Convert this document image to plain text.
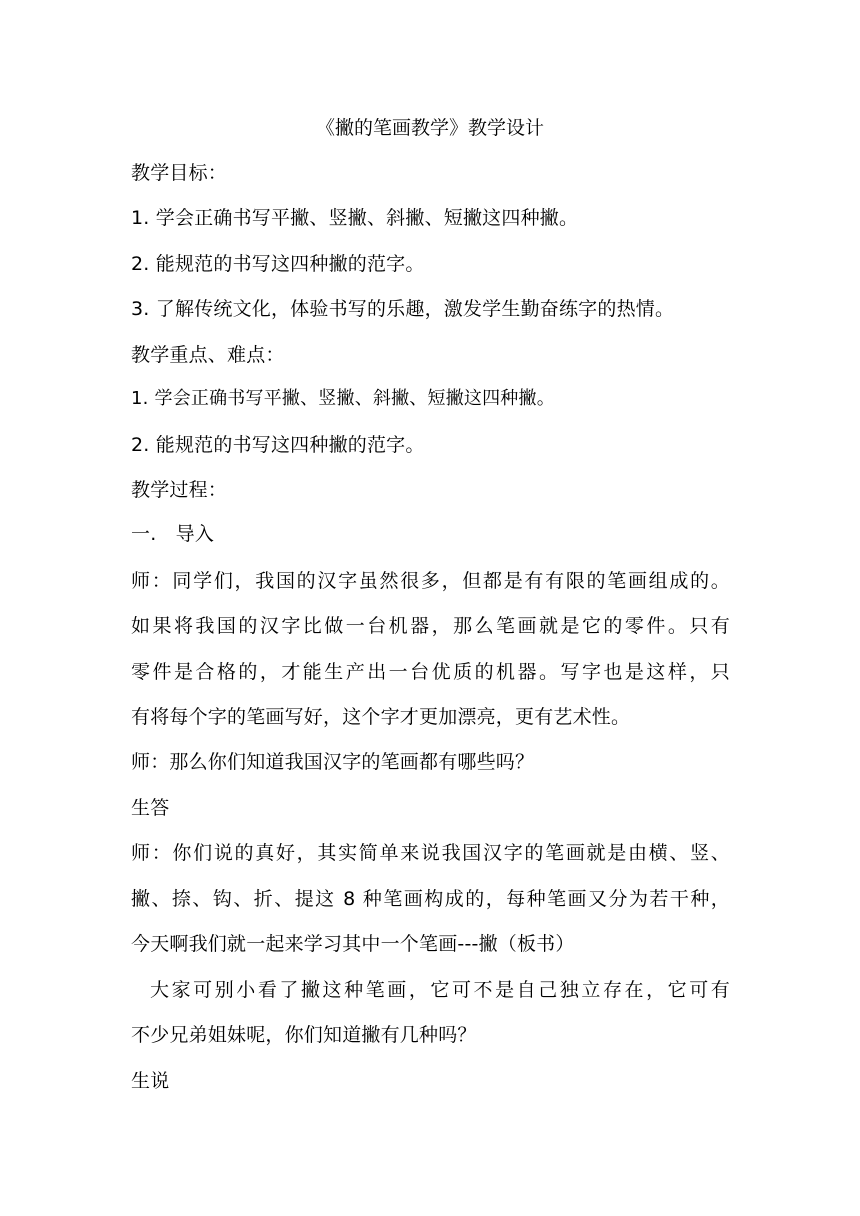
《撇的笔画教学》教学设计
教学目标：
1. 学会正确书写平撇、竖撇、斜撇、短撇这四种撇。
2. 能规范的书写这四种撇的范字。
3. 了解传统文化，体验书写的乐趣，激发学生勤奋练字的热情。
教学重点、难点：
1. 学会正确书写平撇、竖撇、斜撇、短撇这四种撇。
2. 能规范的书写这四种撇的范字。
教学过程：
一.　导入
师：同学们，我国的汉字虽然很多，但都是有有限的笔画组成的。
如果将我国的汉字比做一台机器，那么笔画就是它的零件。只有
零件是合格的，才能生产出一台优质的机器。写字也是这样，只
有将每个字的笔画写好，这个字才更加漂亮，更有艺术性。
师：那么你们知道我国汉字的笔画都有哪些吗？
生答
师：你们说的真好，其实简单来说我国汉字的笔画就是由横、竖、
撇、捺、钩、折、提这 8 种笔画构成的，每种笔画又分为若干种，
今天啊我们就一起来学习其中一个笔画---撇（板书）
大家可别小看了撇这种笔画，它可不是自己独立存在，它可有
不少兄弟姐妹呢，你们知道撇有几种吗？
生说
